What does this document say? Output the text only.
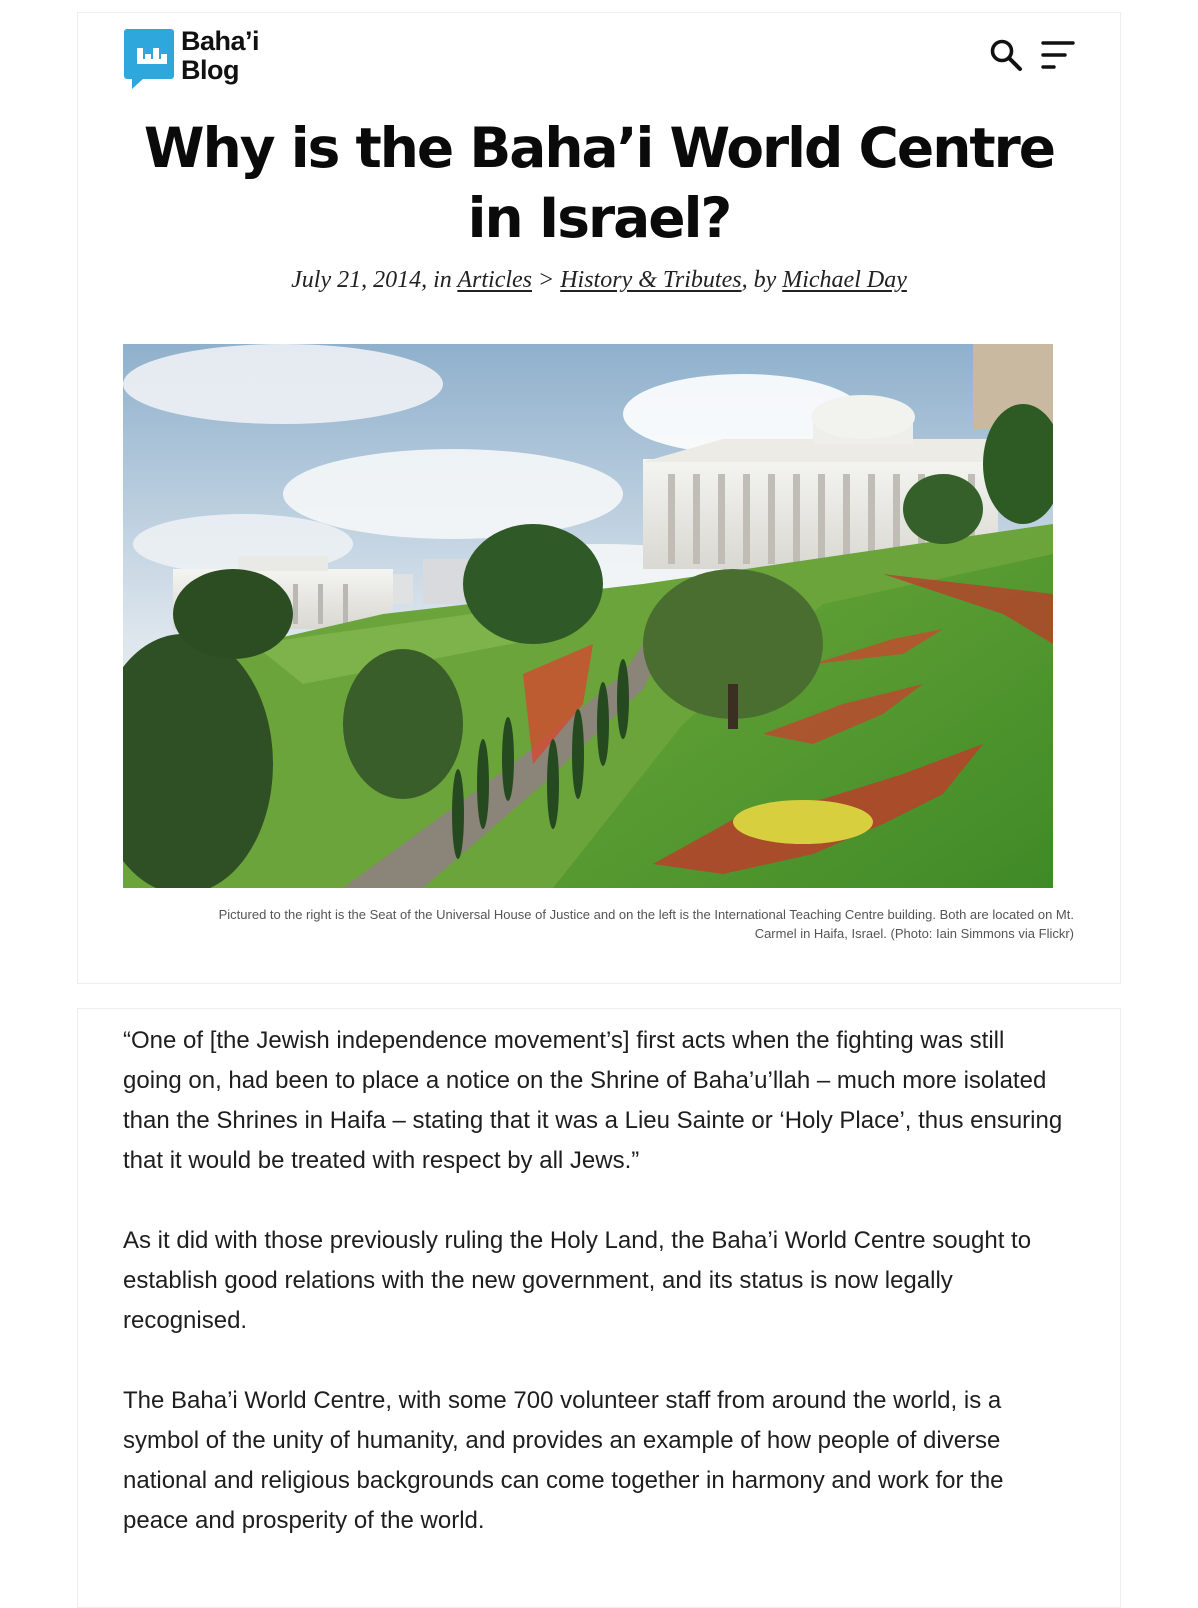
Baha’i
Blog
Why is the Baha’i World Centre in Israel?
July 21, 2014, in Articles > History & Tributes, by Michael Day
Pictured to the right is the Seat of the Universal House of Justice and on the left is the International Teaching Centre building. Both are located on Mt. Carmel in Haifa, Israel. (Photo: Iain Simmons via Flickr)

“One of [the Jewish independence movement’s] first acts when the fighting was still going on, had been to place a notice on the Shrine of Baha’u’llah – much more isolated than the Shrines in Haifa – stating that it was a Lieu Sainte or ‘Holy Place’, thus ensuring that it would be treated with respect by all Jews.”

As it did with those previously ruling the Holy Land, the Baha’i World Centre sought to establish good relations with the new government, and its status is now legally recognised.

The Baha’i World Centre, with some 700 volunteer staff from around the world, is a symbol of the unity of humanity, and provides an example of how people of diverse national and religious backgrounds can come together in harmony and work for the peace and prosperity of the world.
